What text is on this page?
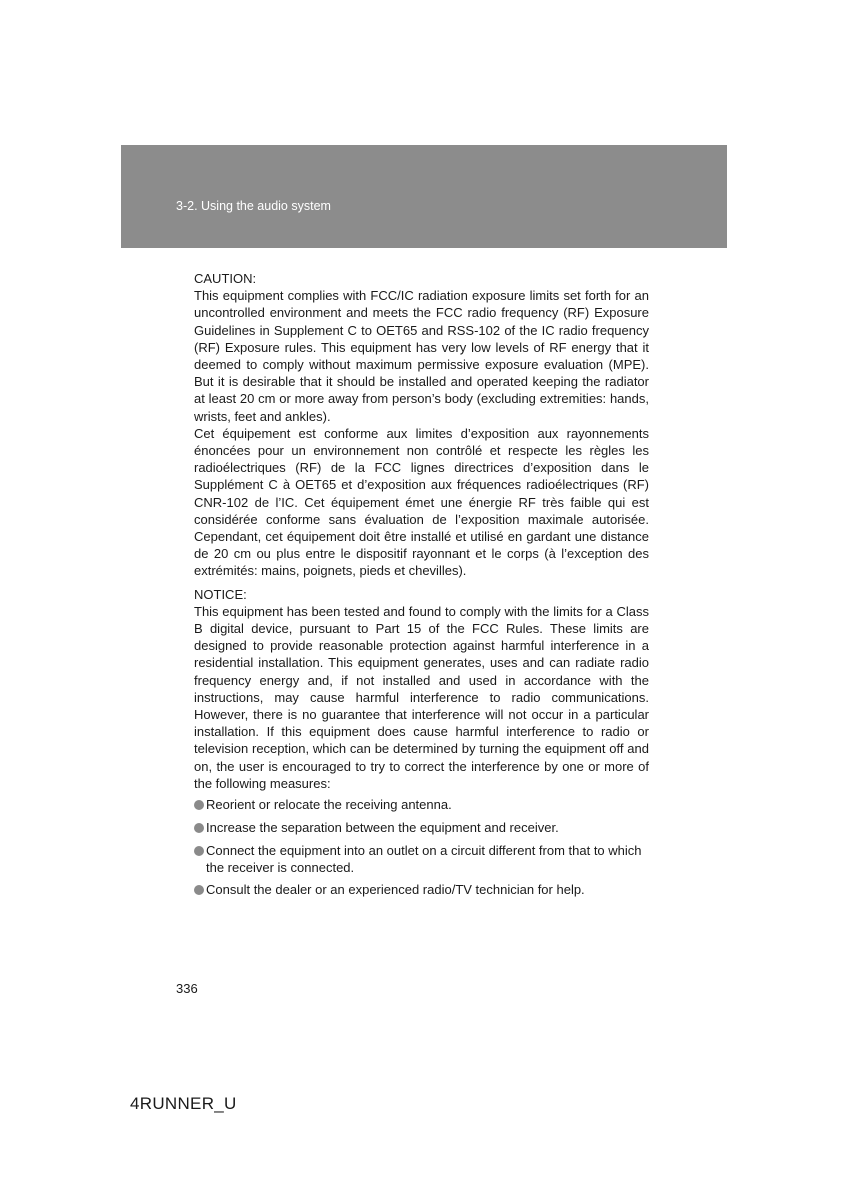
3-2. Using the audio system

CAUTION:

This equipment complies with FCC/IC radiation exposure limits set forth for an uncontrolled environment and meets the FCC radio frequency (RF) Exposure Guidelines in Supplement C to OET65 and RSS-102 of the IC radio frequency (RF) Exposure rules. This equipment has very low levels of RF energy that it deemed to comply without maximum permissive exposure evaluation (MPE). But it is desirable that it should be installed and operated keeping the radiator at least 20 cm or more away from person’s body (excluding extremities: hands, wrists, feet and ankles).

Cet équipement est conforme aux limites d’exposition aux rayonnements énoncées pour un environnement non contrôlé et respecte les règles les radioélectriques (RF) de la FCC lignes directrices d’exposition dans le Supplément C à OET65 et d’exposition aux fréquences radioélectriques (RF) CNR-102 de l’IC. Cet équipement émet une énergie RF très faible qui est considérée conforme sans évaluation de l’exposition maximale autorisée. Cependant, cet équipement doit être installé et utilisé en gardant une distance de 20 cm ou plus entre le dispositif rayonnant et le corps (à l’exception des extrémités: mains, poignets, pieds et chevilles).

NOTICE:

This equipment has been tested and found to comply with the limits for a Class B digital device, pursuant to Part 15 of the FCC Rules. These limits are designed to provide reasonable protection against harmful interference in a residential installation. This equipment generates, uses and can radiate radio frequency energy and, if not installed and used in accordance with the instructions, may cause harmful interference to radio communications. However, there is no guarantee that interference will not occur in a particular installation. If this equipment does cause harmful interference to radio or television reception, which can be determined by turning the equipment off and on, the user is encouraged to try to correct the interference by one or more of the following measures:

Reorient or relocate the receiving antenna.
Increase the separation between the equipment and receiver.
Connect the equipment into an outlet on a circuit different from that to which the receiver is connected.
Consult the dealer or an experienced radio/TV technician for help.
336
4RUNNER_U
